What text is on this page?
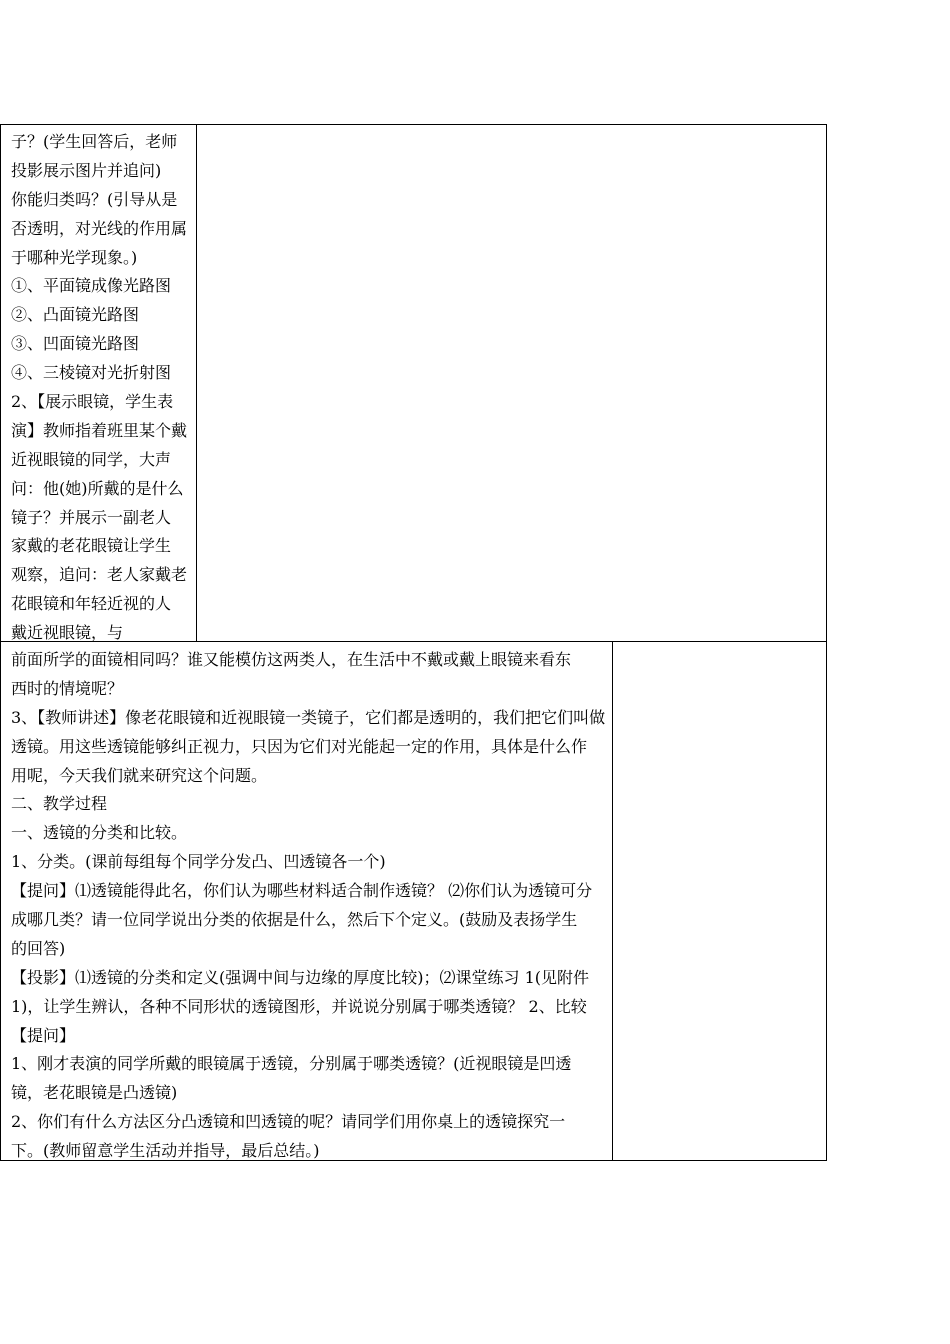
子？(学生回答后，老师
投影展示图片并追问)
你能归类吗？(引导从是
否透明，对光线的作用属
于哪种光学现象。)
①、平面镜成像光路图
②、凸面镜光路图
③、凹面镜光路图
④、三棱镜对光折射图
2、【展示眼镜，学生表
演】教师指着班里某个戴
近视眼镜的同学，大声
问：他(她)所戴的是什么
镜子？并展示一副老人
家戴的老花眼镜让学生
观察，追问：老人家戴老
花眼镜和年轻近视的人
戴近视眼镜，与
前面所学的面镜相同吗？谁又能模仿这两类人，在生活中不戴或戴上眼镜来看东
西时的情境呢？
3、【教师讲述】像老花眼镜和近视眼镜一类镜子，它们都是透明的，我们把它们叫做
透镜。用这些透镜能够纠正视力，只因为它们对光能起一定的作用，具体是什么作
用呢，今天我们就来研究这个问题。
二、教学过程
一、透镜的分类和比较。
1、分类。(课前每组每个同学分发凸、凹透镜各一个)
【提问】⑴透镜能得此名，你们认为哪些材料适合制作透镜？ ⑵你们认为透镜可分
成哪几类？请一位同学说出分类的依据是什么，然后下个定义。(鼓励及表扬学生
的回答)
【投影】⑴透镜的分类和定义(强调中间与边缘的厚度比较)；⑵课堂练习 1(见附件
1)，让学生辨认，各种不同形状的透镜图形，并说说分别属于哪类透镜？ 2、比较
【提问】
1、刚才表演的同学所戴的眼镜属于透镜，分别属于哪类透镜？(近视眼镜是凹透
镜，老花眼镜是凸透镜)
2、你们有什么方法区分凸透镜和凹透镜的呢？请同学们用你桌上的透镜探究一
下。(教师留意学生活动并指导，最后总结。)
